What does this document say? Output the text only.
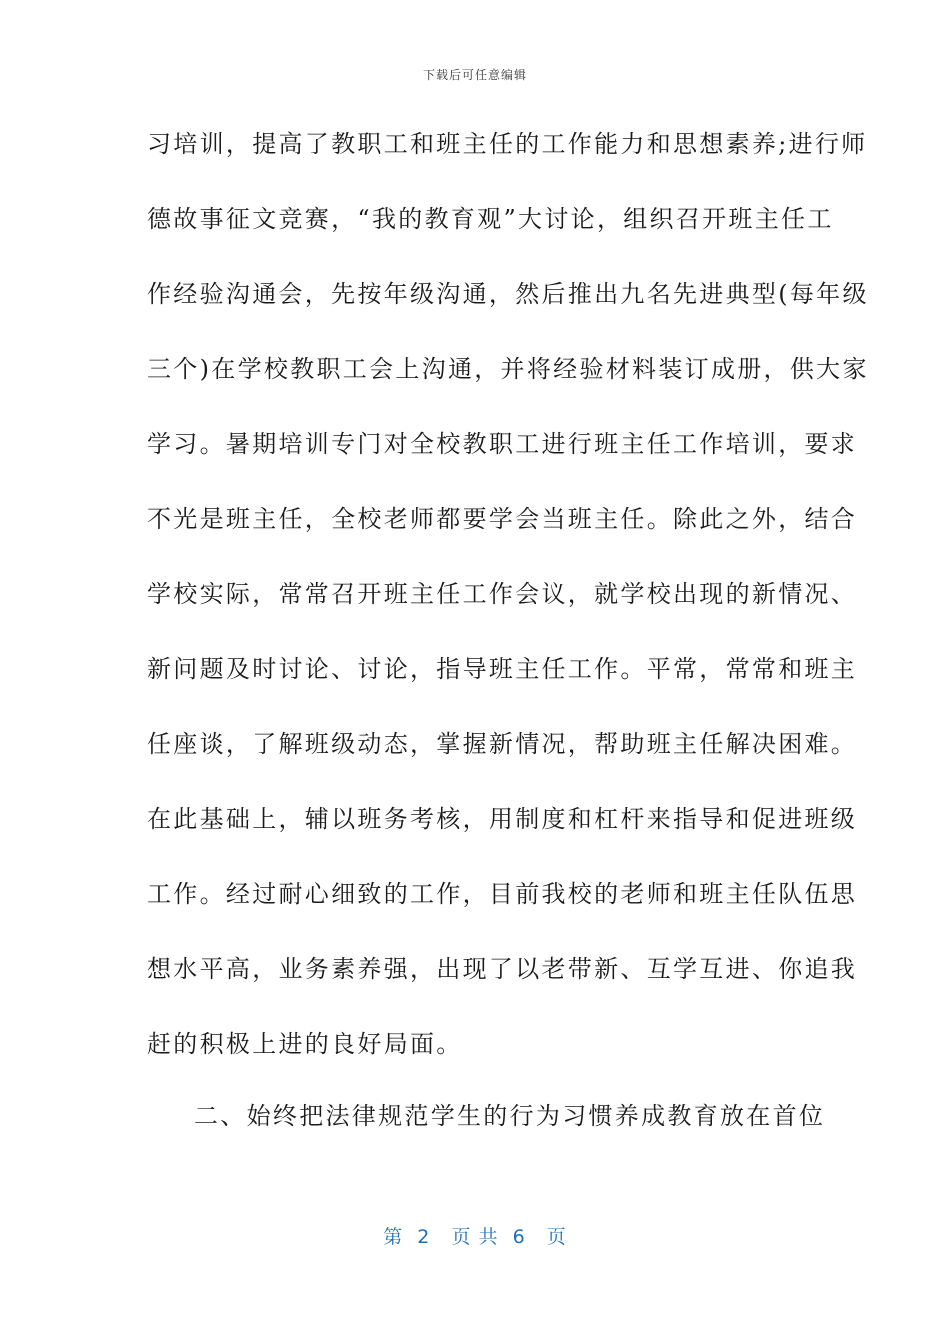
下载后可任意编辑
习培训，提高了教职工和班主任的工作能力和思想素养;进行师
德故事征文竞赛，“我的教育观”大讨论，组织召开班主任工
作经验沟通会，先按年级沟通，然后推出九名先进典型(每年级
三个)在学校教职工会上沟通，并将经验材料装订成册，供大家
学习。暑期培训专门对全校教职工进行班主任工作培训，要求
不光是班主任，全校老师都要学会当班主任。除此之外，结合
学校实际，常常召开班主任工作会议，就学校出现的新情况、
新问题及时讨论、讨论，指导班主任工作。平常，常常和班主
任座谈，了解班级动态，掌握新情况，帮助班主任解决困难。
在此基础上，辅以班务考核，用制度和杠杆来指导和促进班级
工作。经过耐心细致的工作，目前我校的老师和班主任队伍思
想水平高，业务素养强，出现了以老带新、互学互进、你追我
赶的积极上进的良好局面。
二、始终把法律规范学生的行为习惯养成教育放在首位
第  2   页 共  6   页
